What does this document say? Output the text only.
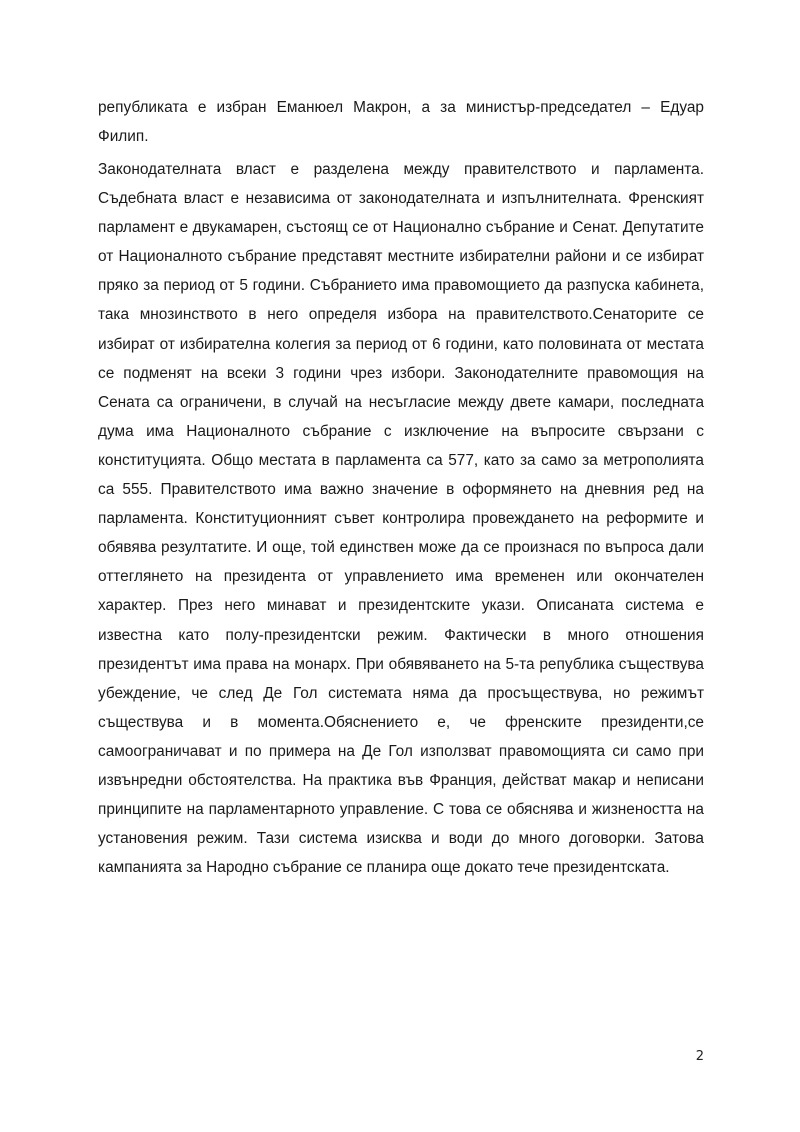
републиката е избран Еманюел Макрон, а за министър-председател – Едуар Филип.

Законодателната власт е разделена между правителството и парламента. Съдебната власт е независима от законодателната и изпълнителната. Френският парламент е двукамарен, състоящ се от Национално събрание и Сенат. Депутатите от Националното събрание представят местните избирателни райони и се избират пряко за период от 5 години. Събранието има правомощието да разпуска кабинета, така мнозинството в него определя избора на правителството.Сенаторите се избират от избирателна колегия за период от 6 години, като половината от местата се подменят на всеки 3 години чрез избори. Законодателните правомощия на Сената са ограничени, в случай на несъгласие между двете камари, последната дума има Националното събрание с изключение на въпросите свързани с конституцията. Общо местата в парламента са 577, като за само за метрополията са 555. Правителството има важно значение в оформянето на дневния ред на парламента. Конституционният съвет контролира провеждането на реформите и обявява резултатите. И още, той единствен може да се произнася по въпроса дали оттеглянето на президента от управлението има временен или окончателен характер. През него минават и президентските укази. Описаната система е известна като полу-президентски режим. Фактически в много отношения президентът има права на монарх. При обявяването на 5-та република съществува убеждение, че след Де Гол системата няма да просъществува, но режимът съществува и в момента.Обяснението е, че френските президенти,се самоограничават и по примера на Де Гол използват правомощията си само при извънредни обстоятелства. На практика във Франция, действат макар и неписани принципите на парламентарното управление. С това се обяснява и жизнеността на установения режим. Тази система изисква и води до много договорки. Затова кампанията за Народно събрание се планира още докато тече президентската.

2
